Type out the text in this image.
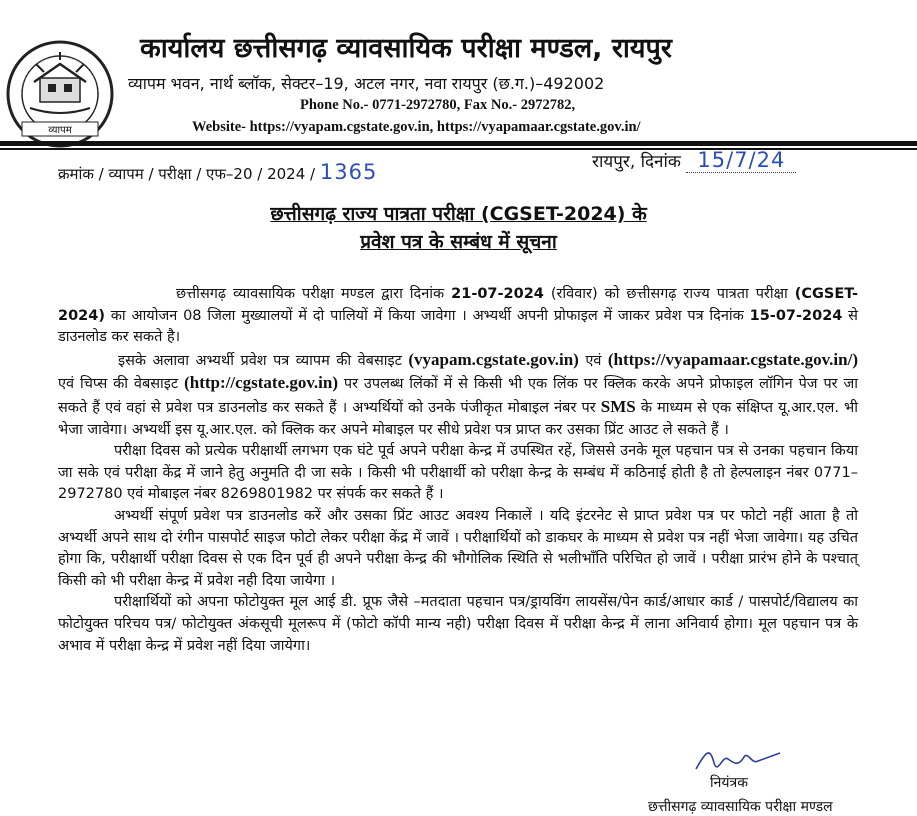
व्यापम
कार्यालय छत्तीसगढ़ व्यावसायिक परीक्षा मण्डल, रायपुर
व्यापम भवन, नार्थ ब्लॉक, सेक्टर–19, अटल नगर, नवा रायपुर (छ.ग.)–492002
Phone No.- 0771-2972780, Fax No.- 2972782,
Website- https://vyapam.cgstate.gov.in, https://vyapamaar.cgstate.gov.in/
क्रमांक / व्यापम / परीक्षा / एफ–20 / 2024 / 1365	रायपुर, दिनांक 15/7/24
छत्तीसगढ़ राज्य पात्रता परीक्षा (CGSET-2024) के
प्रवेश पत्र के सम्बंध में सूचना

छत्तीसगढ़ व्यावसायिक परीक्षा मण्डल द्वारा दिनांक 21-07-2024 (रविवार) को छत्तीसगढ़ राज्य पात्रता परीक्षा (CGSET-2024) का आयोजन 08 जिला मुख्यालयों में दो पालियों में किया जावेगा । अभ्यर्थी अपनी प्रोफाइल में जाकर प्रवेश पत्र दिनांक 15-07-2024 से डाउनलोड कर सकते है।

इसके अलावा अभ्यर्थी प्रवेश पत्र व्यापम की वेबसाइट (vyapam.cgstate.gov.in) एवं (https://vyapamaar.cgstate.gov.in/) एवं चिप्स की वेबसाइट (http://cgstate.gov.in) पर उपलब्ध लिंकों में से किसी भी एक लिंक पर क्लिक करके अपने प्रोफाइल लॉगिन पेज पर जा सकते हैं एवं वहां से प्रवेश पत्र डाउनलोड कर सकते हैं । अभ्यर्थियों को उनके पंजीकृत मोबाइल नंबर पर SMS के माध्यम से एक संक्षिप्त यू.आर.एल. भी भेजा जावेगा। अभ्यर्थी इस यू.आर.एल. को क्लिक कर अपने मोबाइल पर सीधे प्रवेश पत्र प्राप्त कर उसका प्रिंट आउट ले सकते हैं ।

परीक्षा दिवस को प्रत्येक परीक्षार्थी लगभग एक घंटे पूर्व अपने परीक्षा केन्द्र में उपस्थित रहें, जिससे उनके मूल पहचान पत्र से उनका पहचान किया जा सके एवं परीक्षा केंद्र में जाने हेतु अनुमति दी जा सके । किसी भी परीक्षार्थी को परीक्षा केन्द्र के सम्बंध में कठिनाई होती है तो हेल्पलाइन नंबर 0771–2972780 एवं मोबाइल नंबर 8269801982 पर संपर्क कर सकते हैं ।

अभ्यर्थी संपूर्ण प्रवेश पत्र डाउनलोड करें और उसका प्रिंट आउट अवश्य निकालें । यदि इंटरनेट से प्राप्त प्रवेश पत्र पर फोटो नहीं आता है तो अभ्यर्थी अपने साथ दो रंगीन पासपोर्ट साइज फोटो लेकर परीक्षा केंद्र में जावें । परीक्षार्थियों को डाकघर के माध्यम से प्रवेश पत्र नहीं भेजा जावेगा। यह उचित होगा कि, परीक्षार्थी परीक्षा दिवस से एक दिन पूर्व ही अपने परीक्षा केन्द्र की भौगोलिक स्थिति से भलीभाँति परिचित हो जावें । परीक्षा प्रारंभ होने के पश्चात् किसी को भी परीक्षा केन्द्र में प्रवेश नही दिया जायेगा ।

परीक्षार्थियों को अपना फोटोयुक्त मूल आई डी. प्रूफ जैसे –मतदाता पहचान पत्र/ड्रायविंग लायसेंस/पेन कार्ड/आधार कार्ड / पासपोर्ट/विद्यालय का फोटोयुक्त परिचय पत्र/ फोटोयुक्त अंकसूची मूलरूप में (फोटो कॉपी मान्य नही) परीक्षा दिवस में परीक्षा केन्द्र में लाना अनिवार्य होगा। मूल पहचान पत्र के अभाव में परीक्षा केन्द्र में प्रवेश नहीं दिया जायेगा।

नियंत्रक
छत्तीसगढ़ व्यावसायिक परीक्षा मण्डल
